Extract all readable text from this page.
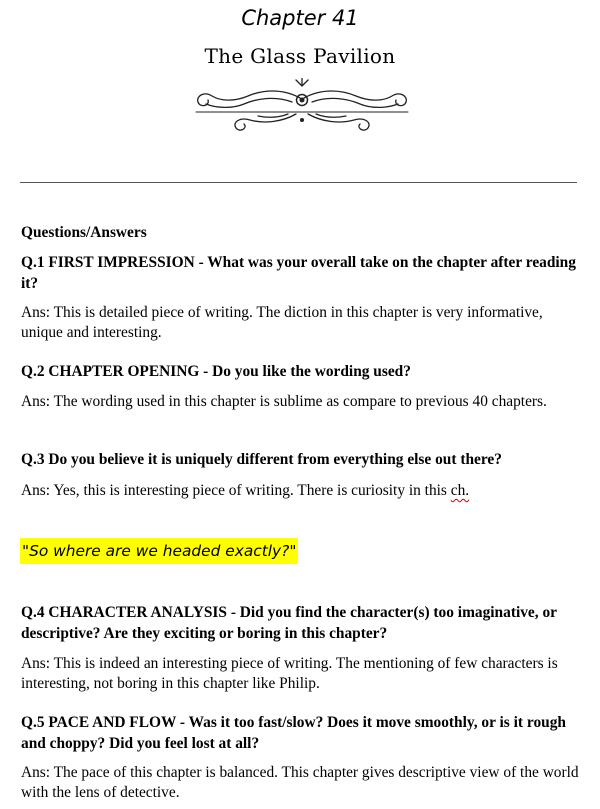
Chapter 41
The Glass Pavilion
Questions/Answers
Q.1 FIRST IMPRESSION - What was your overall take on the chapter after reading it?
Ans: This is detailed piece of writing. The diction in this chapter is very informative, unique and interesting.
Q.2 CHAPTER OPENING - Do you like the wording used?
Ans: The wording used in this chapter is sublime as compare to previous 40 chapters.
Q.3 Do you believe it is uniquely different from everything else out there?
Ans: Yes, this is interesting piece of writing. There is curiosity in this ch.
"So where are we headed exactly?"
Q.4 CHARACTER ANALYSIS - Did you find the character(s) too imaginative, or descriptive? Are they exciting or boring in this chapter?
Ans: This is indeed an interesting piece of writing. The mentioning of few characters is interesting, not boring in this chapter like Philip.
Q.5 PACE AND FLOW - Was it too fast/slow? Does it move smoothly, or is it rough and choppy? Did you feel lost at all?
Ans: The pace of this chapter is balanced. This chapter gives descriptive view of the world with the lens of detective.
